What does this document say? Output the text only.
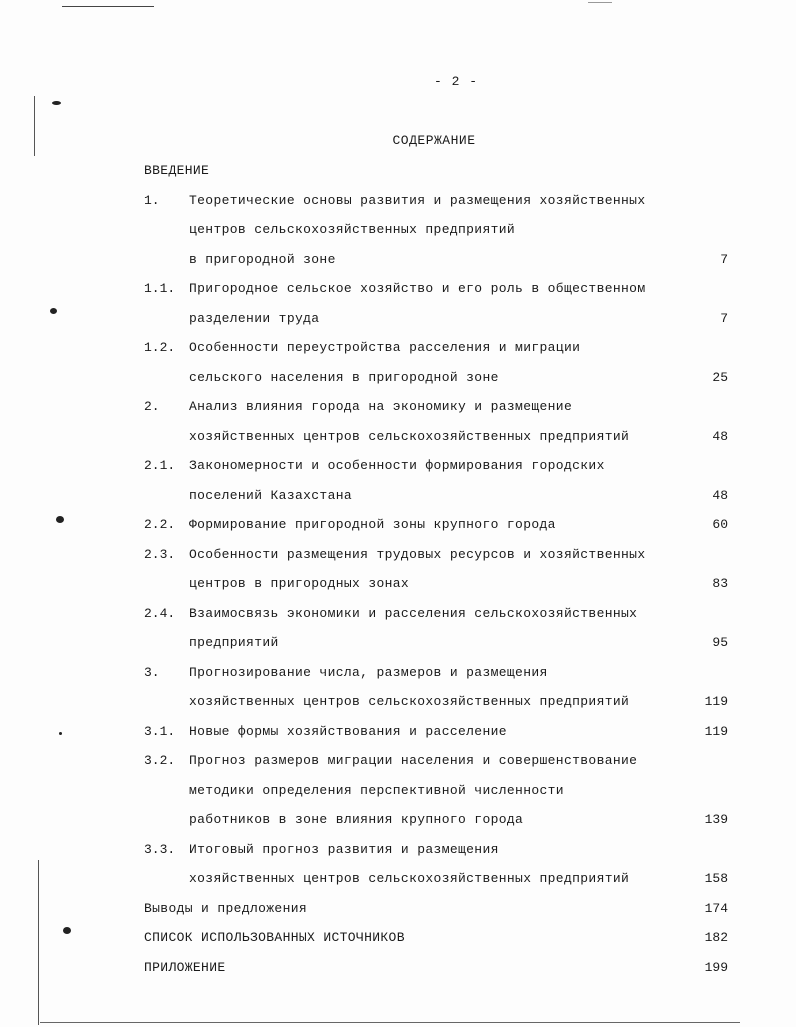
- 2 -
СОДЕРЖАНИЕ
ВВЕДЕНИЕ
1. Теоретические основы развития и размещения хозяйственных
центров сельскохозяйственных предприятий
в пригородной зоне	7
1.1. Пригородное сельское хозяйство и его роль в общественном
разделении труда	7
1.2. Особенности переустройства расселения и миграции
сельского населения в пригородной зоне	25
2. Анализ влияния города на экономику и размещение
хозяйственных центров сельскохозяйственных предприятий	48
2.1. Закономерности и особенности формирования городских
поселений Казахстана	48
2.2. Формирование пригородной зоны крупного города	60
2.3. Особенности размещения трудовых ресурсов и хозяйственных
центров в пригородных зонах	83
2.4. Взаимосвязь экономики и расселения сельскохозяйственных
предприятий	95
3. Прогнозирование числа, размеров и размещения
хозяйственных центров сельскохозяйственных предприятий	119
3.1. Новые формы хозяйствования и расселение	119
3.2. Прогноз размеров миграции населения и совершенствование
методики определения перспективной численности
работников в зоне влияния крупного города	139
3.3. Итоговый прогноз развития и размещения
хозяйственных центров сельскохозяйственных предприятий	158
Выводы и предложения	174
СПИСОК ИСПОЛЬЗОВАННЫХ ИСТОЧНИКОВ	182
ПРИЛОЖЕНИЕ	199
